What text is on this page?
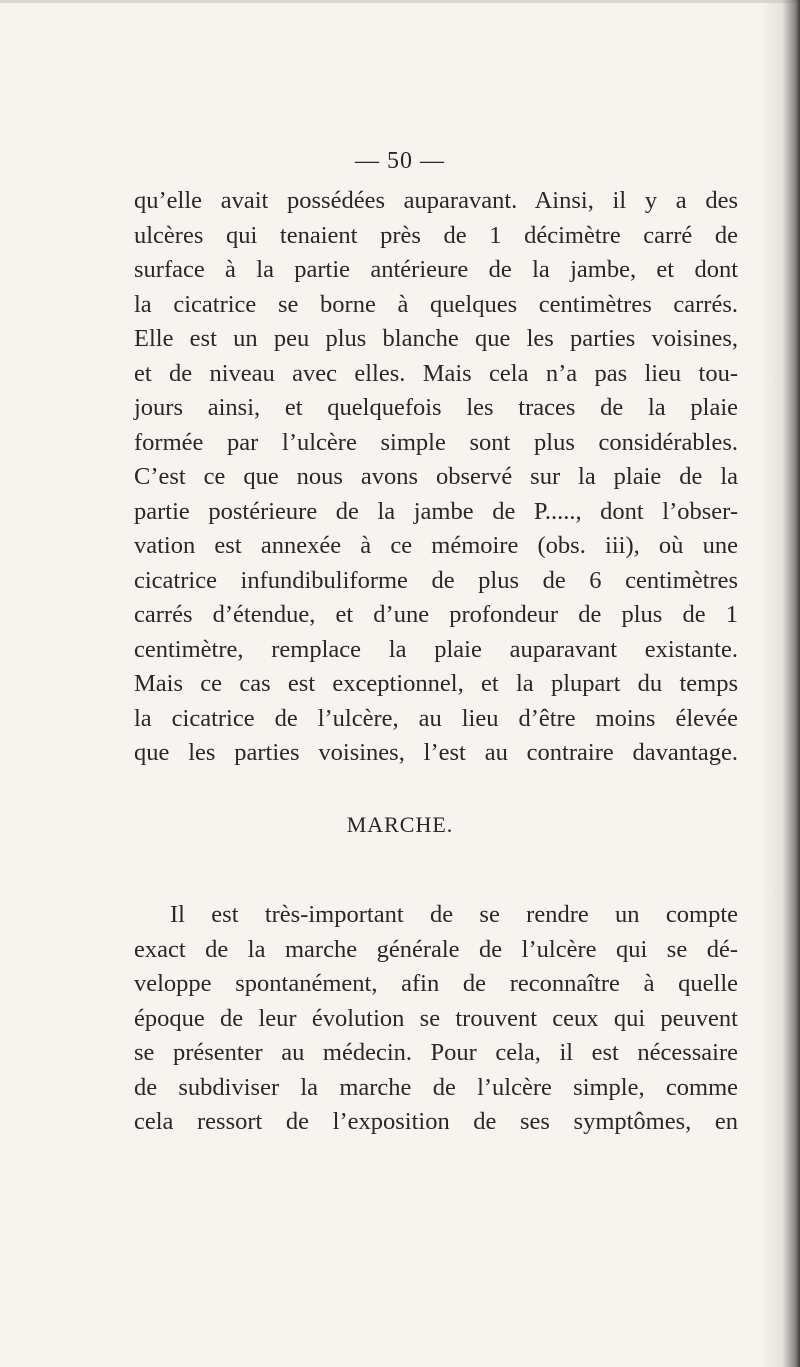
— 50 —
qu’elle avait possédées auparavant. Ainsi, il y a des
ulcères qui tenaient près de 1 décimètre carré de
surface à la partie antérieure de la jambe, et dont
la cicatrice se borne à quelques centimètres carrés.
Elle est un peu plus blanche que les parties voisines,
et de niveau avec elles. Mais cela n’a pas lieu tou-
jours ainsi, et quelquefois les traces de la plaie
formée par l’ulcère simple sont plus considérables.
C’est ce que nous avons observé sur la plaie de la
partie postérieure de la jambe de P....., dont l’obser-
vation est annexée à ce mémoire (obs. iii), où une
cicatrice infundibuliforme de plus de 6 centimètres
carrés d’étendue, et d’une profondeur de plus de 1
centimètre, remplace la plaie auparavant existante.
Mais ce cas est exceptionnel, et la plupart du temps
la cicatrice de l’ulcère, au lieu d’être moins élevée
que les parties voisines, l’est au contraire davantage.
MARCHE.
Il est très-important de se rendre un compte
exact de la marche générale de l’ulcère qui se dé-
veloppe spontanément, afin de reconnaître à quelle
époque de leur évolution se trouvent ceux qui peuvent
se présenter au médecin. Pour cela, il est nécessaire
de subdiviser la marche de l’ulcère simple, comme
cela ressort de l’exposition de ses symptômes, en
